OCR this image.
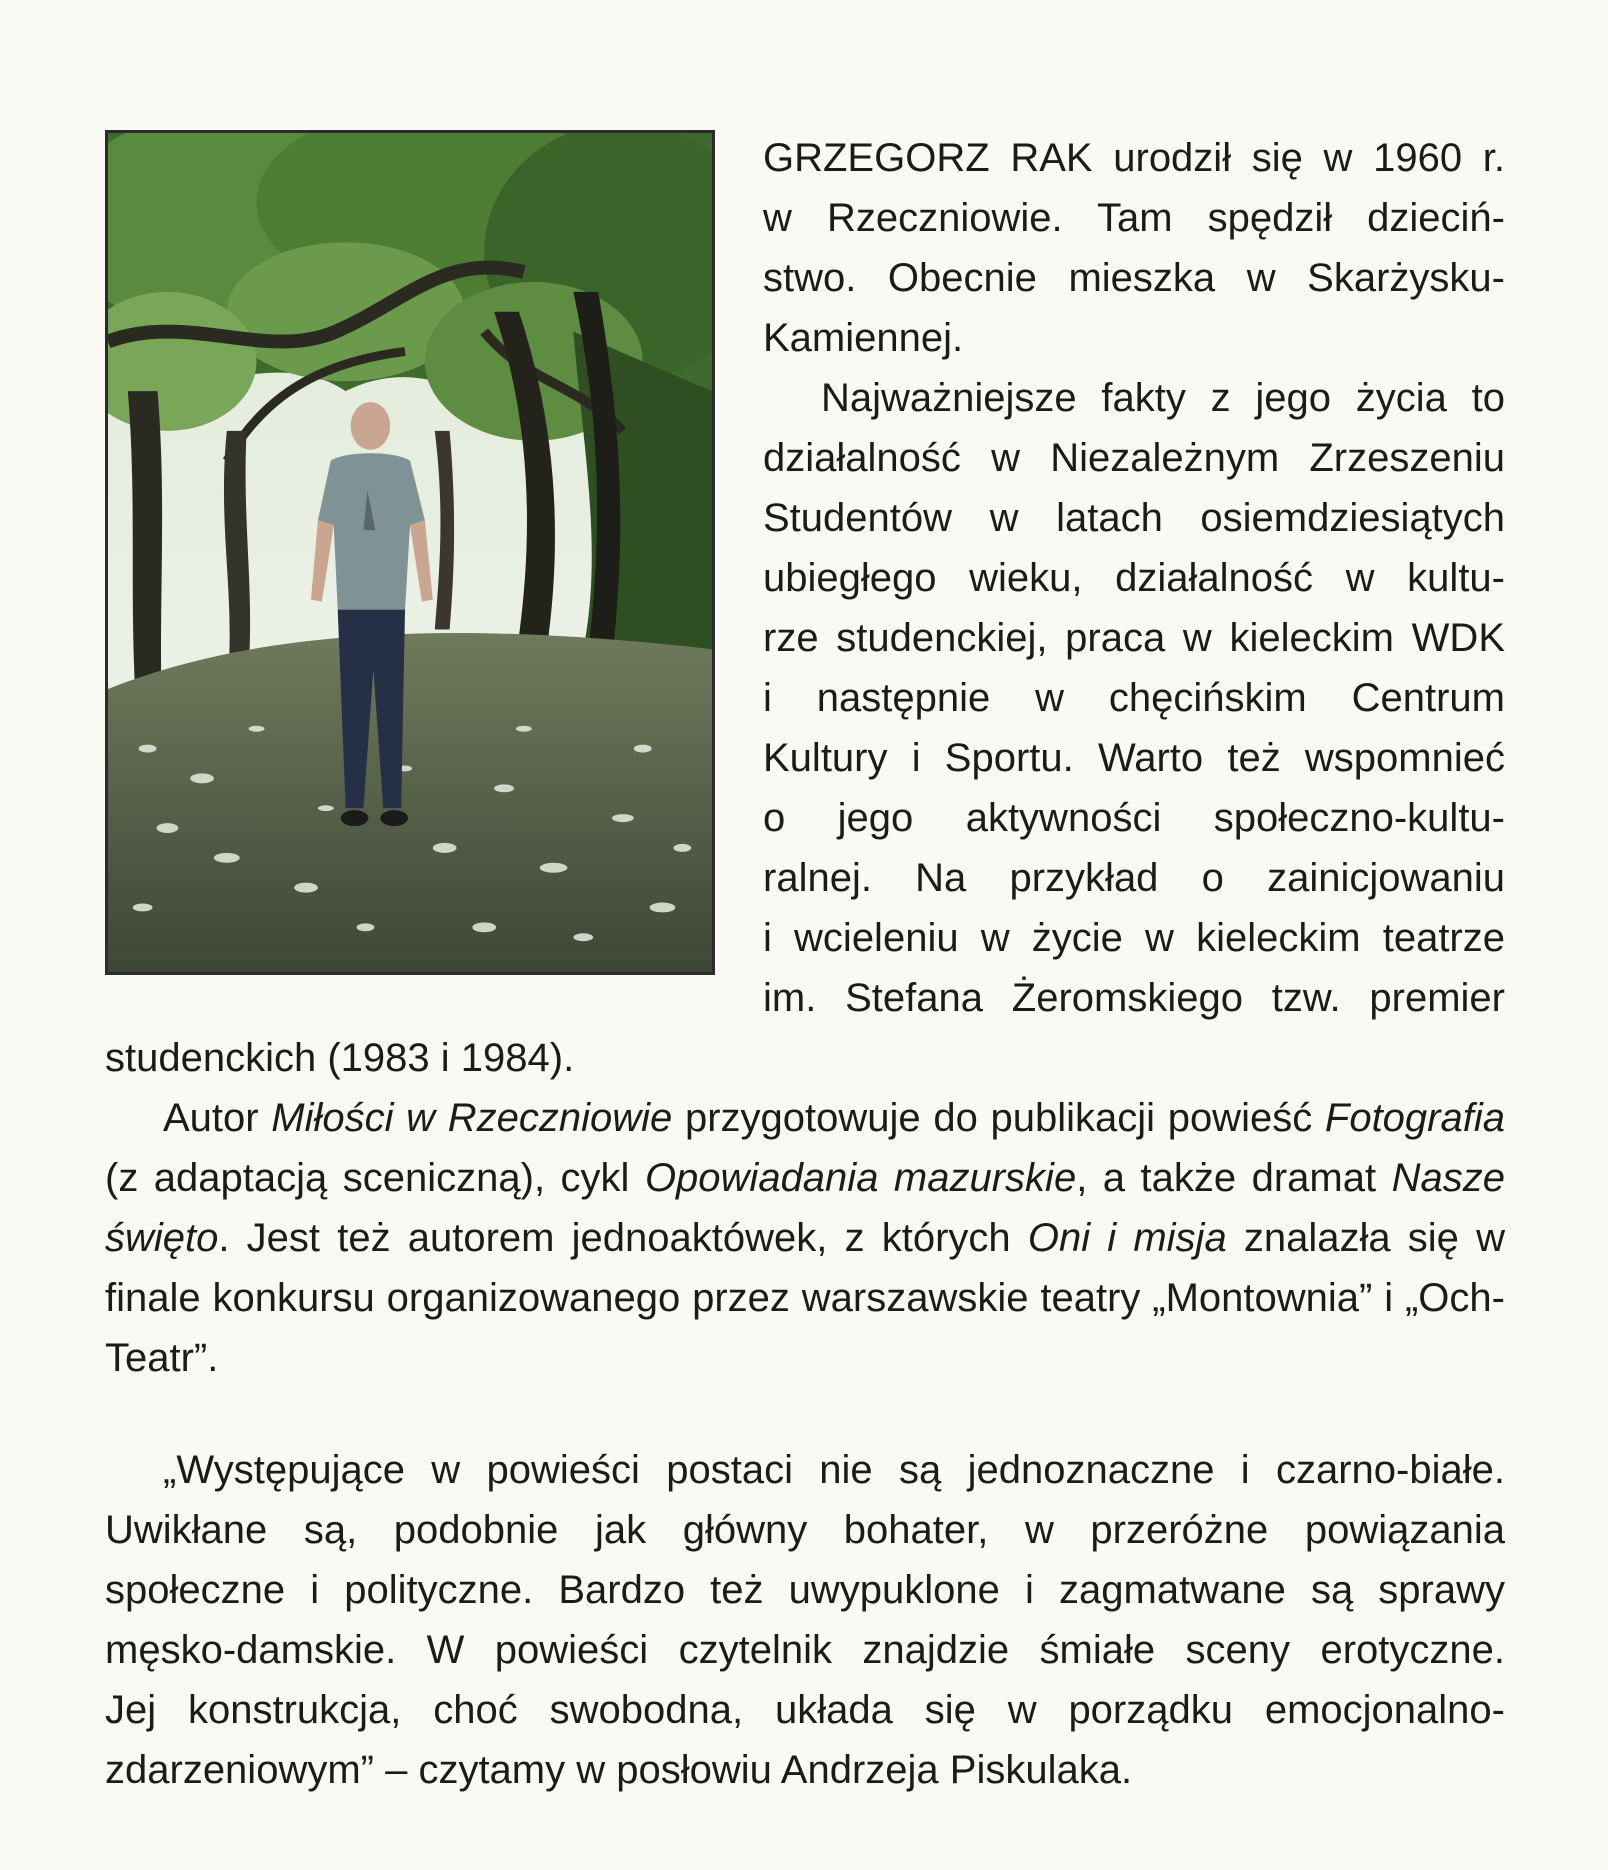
GRZEGORZ RAK urodził się w 1960 r.
w Rzeczniowie. Tam spędził dzieciń-
stwo. Obecnie mieszka w Skarżysku-
Kamiennej.

Najważniejsze fakty z jego życia to
działalność w Niezależnym Zrzeszeniu
Studentów w latach osiemdziesiątych
ubiegłego wieku, działalność w kultu-
rze studenckiej, praca w kieleckim WDK
i następnie w chęcińskim Centrum
Kultury i Sportu. Warto też wspomnieć
o jego aktywności społeczno-kultu-
ralnej. Na przykład o zainicjowaniu
i wcieleniu w życie w kieleckim teatrze
im. Stefana Żeromskiego tzw. premier

studenckich (1983 i 1984).

Autor Miłości w Rzeczniowie przygotowuje do publikacji powieść Fotografia (z adaptacją sceniczną), cykl Opowiadania mazurskie, a także dramat Nasze święto. Jest też autorem jednoaktówek, z których Oni i misja znalazła się w finale konkursu organizowanego przez warszawskie teatry „Montownia” i „Och-Teatr”.

„Występujące w powieści postaci nie są jednoznaczne i czarno-białe.
Uwikłane są, podobnie jak główny bohater, w przeróżne powiązania
społeczne i polityczne. Bardzo też uwypuklone i zagmatwane są sprawy
męsko-damskie. W powieści czytelnik znajdzie śmiałe sceny erotyczne.
Jej konstrukcja, choć swobodna, układa się w porządku emocjonalno-
zdarzeniowym” – czytamy w posłowiu Andrzeja Piskulaka.
